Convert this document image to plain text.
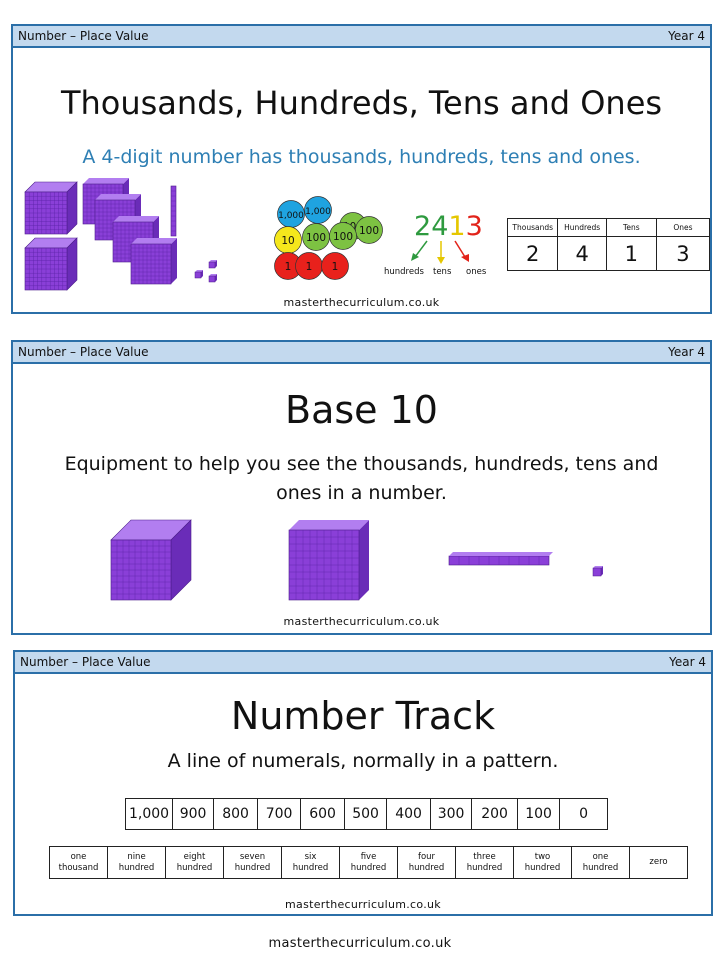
Number – Place Value	Year 4
Thousands, Hundreds, Tens and Ones
A 4-digit number has thousands, hundreds, tens and ones.
1,000 1,000
100
100
100
10
1 1 1
2413
hundreds tens ones
Thousands	Hundreds	Tens	Ones
2	4	1	3
masterthecurriculum.co.uk
Number – Place Value	Year 4
Base 10
Equipment to help you see the thousands, hundreds, tens and ones in a number.
masterthecurriculum.co.uk
Number – Place Value	Year 4
Number Track
A line of numerals, normally in a pattern.
1,000	900	800	700	600	500	400	300	200	100	0
one
thousand

nine
hundred

eight
hundred

seven
hundred

six
hundred

five
hundred

four
hundred

three
hundred

two
hundred

one
hundred

zero
masterthecurriculum.co.uk
masterthecurriculum.co.uk
